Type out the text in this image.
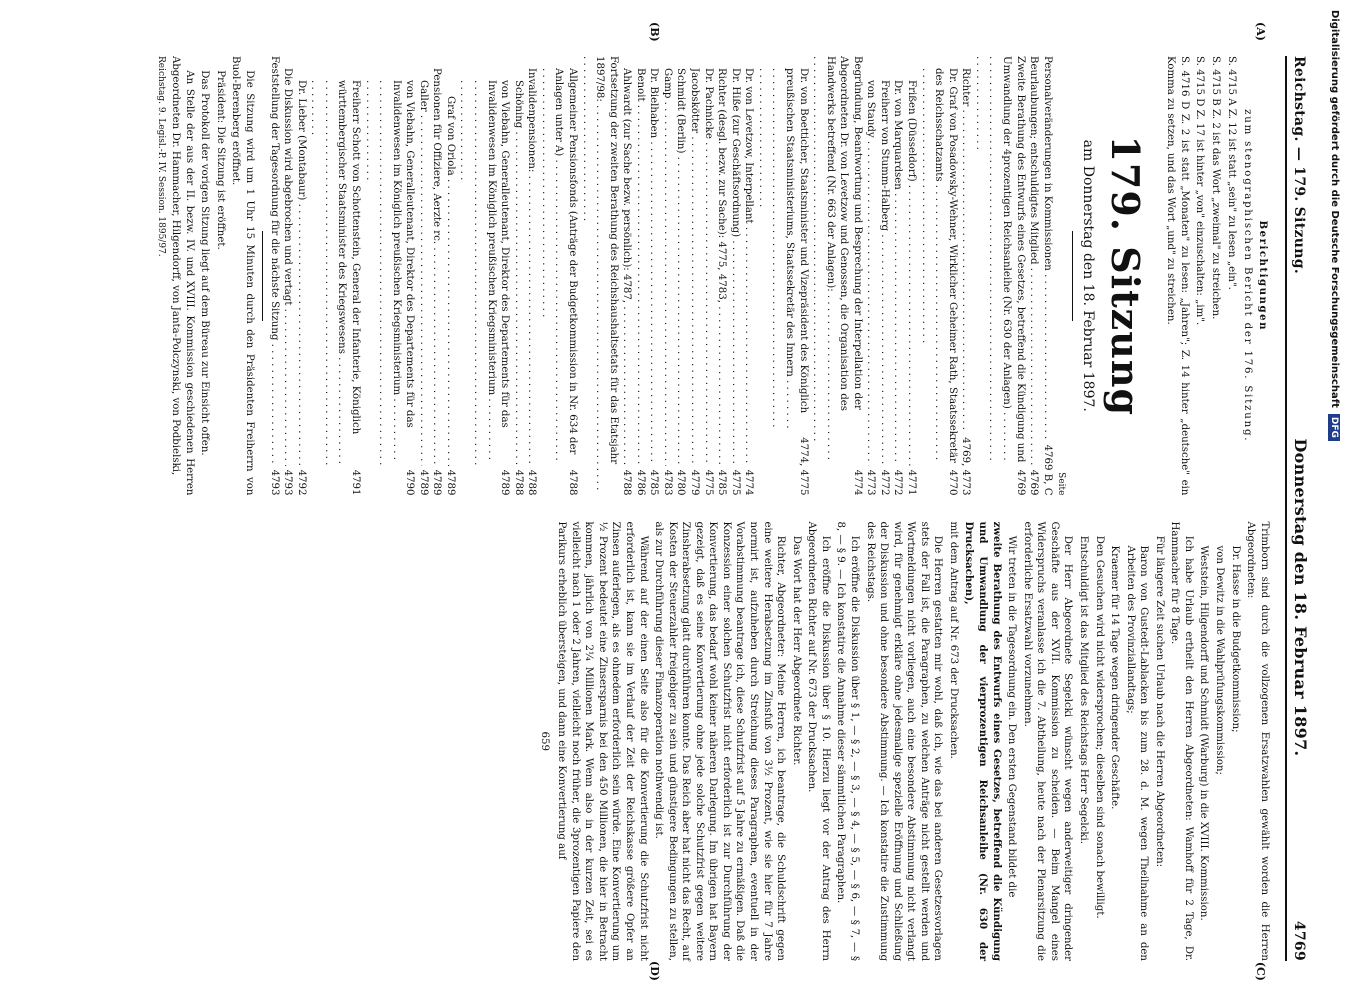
Reichstag. — 179. Sitzung.
Donnerstag den 18. Februar 1897.
4769
(A)
(B)
(C)
(D)
Berichtigungen
zum stenographischen Bericht der 176. Sitzung.

S. 4715 A Z. 12 ist statt „sein" zu lesen „ein".

S. 4715 B Z. 2 ist das Wort „zweimal" zu streichen.

S. 4715 D Z. 17 ist hinter „von" einzuschalten: „im".

S. 4716 D Z. 2 ist statt „Monaten" zu lesen: „Jahren"; Z. 14 hinter „deutsche" ein Komma zu setzen, und das Wort „und" zu streichen.

179. Sitzung
am Donnerstag den 18. Februar 1897.
Seite
Personalveränderungen in Kommissionen . . .
4769 B, C
Beurlaubungen; entschuldigtes Mitglied . . .
4769
Zweite Berathung des Entwurfs eines Gesetzes, betreffend die Kündigung und Umwandlung der 4prozentigen Reichsanleihe (Nr. 630 der Anlagen) . . .
4769
Richter . . .
4769, 4773
Dr. Graf von Posadowsky-Wehner, Wirklicher Geheimer Rath, Staatssekretär des Reichsschatzamts . . .
4770
Frißen (Düsseldorf) . . .
4771
Dr. von Marquardsen . . .
4772
Freiherr von Stumm-Halberg . . .
4772
von Staudy . . .
4773
Begründung, Beantwortung und Besprechung der Interpellation der Abgeordneten Dr. von Levetzow und Genossen, die Organisation des Handwerks betreffend (Nr. 663 der Anlagen): . . .
4774
Dr. von Boetticher, Staatsminister und Vizepräsident des Königlich preußischen Staatsministeriums, Staatssekretär des Innern . . .
4774, 4775
Dr. von Levetzow, Interpellant . . .
4774
Dr. Hiße (zur Geschäftsordnung) . . .
4775
Richter (desgl. bezw. zur Sache): 4775, 4783, . . .
4785
Dr. Pachnicke . . .
4775
Jacobskötter . . .
4779
Schmidt (Berlin) . . .
4780
Gamp . . .
4783
Dr. Bielhaben . . .
4785
Benoit . . .
4786
Ahlwardt (zur Sache bezw. persönlich): 4787, . . .
4788
Fortsetzung der zweiten Berathung des Reichshaushaltsetats für das Etatsjahr 1897/98: . . .
Allgemeiner Pensionsfonds (Anträge der Budgetkommission in Nr. 634 der Anlagen unter A) . . .
4788
Invalidenpensionen: . . .
4788
Schöning . . .
4788
von Viebahn, Generalleutenant, Direktor des Departements für das Invalidenwesen im Königlich preußischen Kriegsministerium . . .
4789
Graf von Oriola . . .
4789
Pensionen für Offiziere, Aerzte rc. . . .
4789
Galler . . .
4789
von Viebahn, Generalleutenant, Direktor des Departements für das Invalidenwesen im Königlich preußischen Kriegsministerium . . .
4790
Freiherr Schott von Schottenstein, General der Infanterie, Königlich württembergischer Staatsminister des Kriegswesens . . .
4791
Dr. Lieber (Montabaur) . . .
4792
Die Diskussion wird abgebrochen und vertagt . . .
4793
Feststellung der Tagesordnung für die nächste Sitzung . . .
4793

Die Sitzung wird um 1 Uhr 15 Minuten durch den Präsidenten Freiherrn von Buol-Berenberg eröffnet.

Präsident: Die Sitzung ist eröffnet.

Das Protokoll der vorigen Sitzung liegt auf dem Büreau zur Einsicht offen.

An Stelle der aus der II. bezw. IV. und XVIII. Kommission geschiedenen Herren Abgeordneten Dr. Hammacher, Hilgendorff, von Jantа-Polczynski, von Podbielski,

Reichstag. 9. Legisl.-P. IV. Session. 1895/97.

Trimborn sind durch die vollzogenen Ersatzwahlen gewählt worden die Herren Abgeordneten:

Dr. Hasse in die Budgetkommission;

von Dewitz in die Wahlprüfungskommission;

Weststein, Hilgendorff und Schmidt (Warburg) in die XVIII. Kommission.

Ich habe Urlaub ertheilt den Herren Abgeordneten: Wamhoff für 2 Tage, Dr. Hammacher für 8 Tage.

Für längere Zeit suchen Urlaub nach die Herren Abgeordneten:

Baron von Gustedt-Lablacken bis zum 28. d. M. wegen Theilnahme an den Arbeiten des Provinziallandtags;

Kraemer für 14 Tage wegen dringender Geschäfte.

Den Gesuchen wird nicht widersprochen; dieselben sind sonach bewilligt.

Entschuldigt ist das Mitglied des Reichstags Herr Segelcki.

Der Herr Abgeordnete Segelcki wünscht wegen anderweitiger dringender Geschäfte aus der XVII. Kommission zu scheiden. — Beim Mangel eines Widerspruchs veranlasse ich die 7. Abtheilung, heute nach der Plenarsitzung die erforderliche Ersatzwahl vorzunehmen.

Wir treten in die Tagesordnung ein. Den ersten Gegenstand bildet die

zweite Berathung des Entwurfs eines Gesetzes, betreffend die Kündigung und Umwandlung der vierprozentigen Reichsanleihe (Nr. 630 der Drucksachen),

mit dem Antrag auf Nr. 673 der Drucksachen.

Die Herren gestatten mir wohl, daß ich, wie das bei anderen Gesetzesvorlagen stets der Fall ist, die Paragraphen, zu welchen Anträge nicht gestellt werden und Wortmeldungen nicht vorliegen, auch eine besondere Abstimmung nicht verlangt wird, für genehmigt erkläre ohne jedesmalige spezielle Eröffnung und Schließung der Diskussion und ohne besondere Abstimmung. — Ich konstatire die Zustimmung des Reichstags.

Ich eröffne die Diskussion über § 1, — § 2, — § 3, — § 4, — § 5, — § 6, — § 7, — § 8, — § 9. — Ich konstatire die Annahme dieser sämmtlichen Paragraphen.

Ich eröffne die Diskussion über § 10. Hierzu liegt vor der Antrag des Herrn Abgeordneten Richter auf Nr. 673 der Drucksachen.

Das Wort hat der Herr Abgeordnete Richter.

Richter, Abgeordneter: Meine Herren, ich beantrage, die Schuldschrift gegen eine weitere Herabsetzung im Zinsfuß von 3½ Prozent, wie sie hier für 7 Jahre normirt ist, aufzuheben durch Streichung dieses Paragraphen, eventuell in der Vorabstimmung beantrage ich, diese Schutzfrist auf 5 Jahre zu ermäßigen. Daß die Konzession einer solchen Schutzfrist nicht erforderlich ist zur Durchführung der Konvertierung, das bedarf wohl keiner näheren Darlegung. Im übrigen hat Bayern gezeigt, daß es seine Konvertierung ohne jede solche Schutzfrist gegen weitere Zinsherabsetzung glatt durchführen konnte. Das Reich aber hat nicht das Recht, auf Kosten der Steuerzahler freigebiger zu sein und günstigere Bedingungen zu stellen, als zur Durchführung dieser Finanzoperation nothwendig ist.

Während auf der einen Seite also für die Konvertierung die Schutzfrist nicht erforderlich ist, kann sie im Verlauf der Zeit der Reichskasse größere Opfer an Zinsen auferlegen, als es ohnedem erforderlich sein würde. Eine Konvertierung um ½ Prozent bedeutet eine Zinsersparnis bei den 450 Millionen, die hier in Betracht kommen, jährlich von 2¼ Millionen Mark. Wenn also in der kurzen Zeit, sei es vielleicht nach 1 oder 2 Jahren, vielleicht noch früher, die 3prozentigen Papiere den Parikurs erheblich übersteigen, und dann eine Konvertierung auf

659
Digitalisierung gefördert durch die Deutsche ForschungsgemeinschaftDFG
